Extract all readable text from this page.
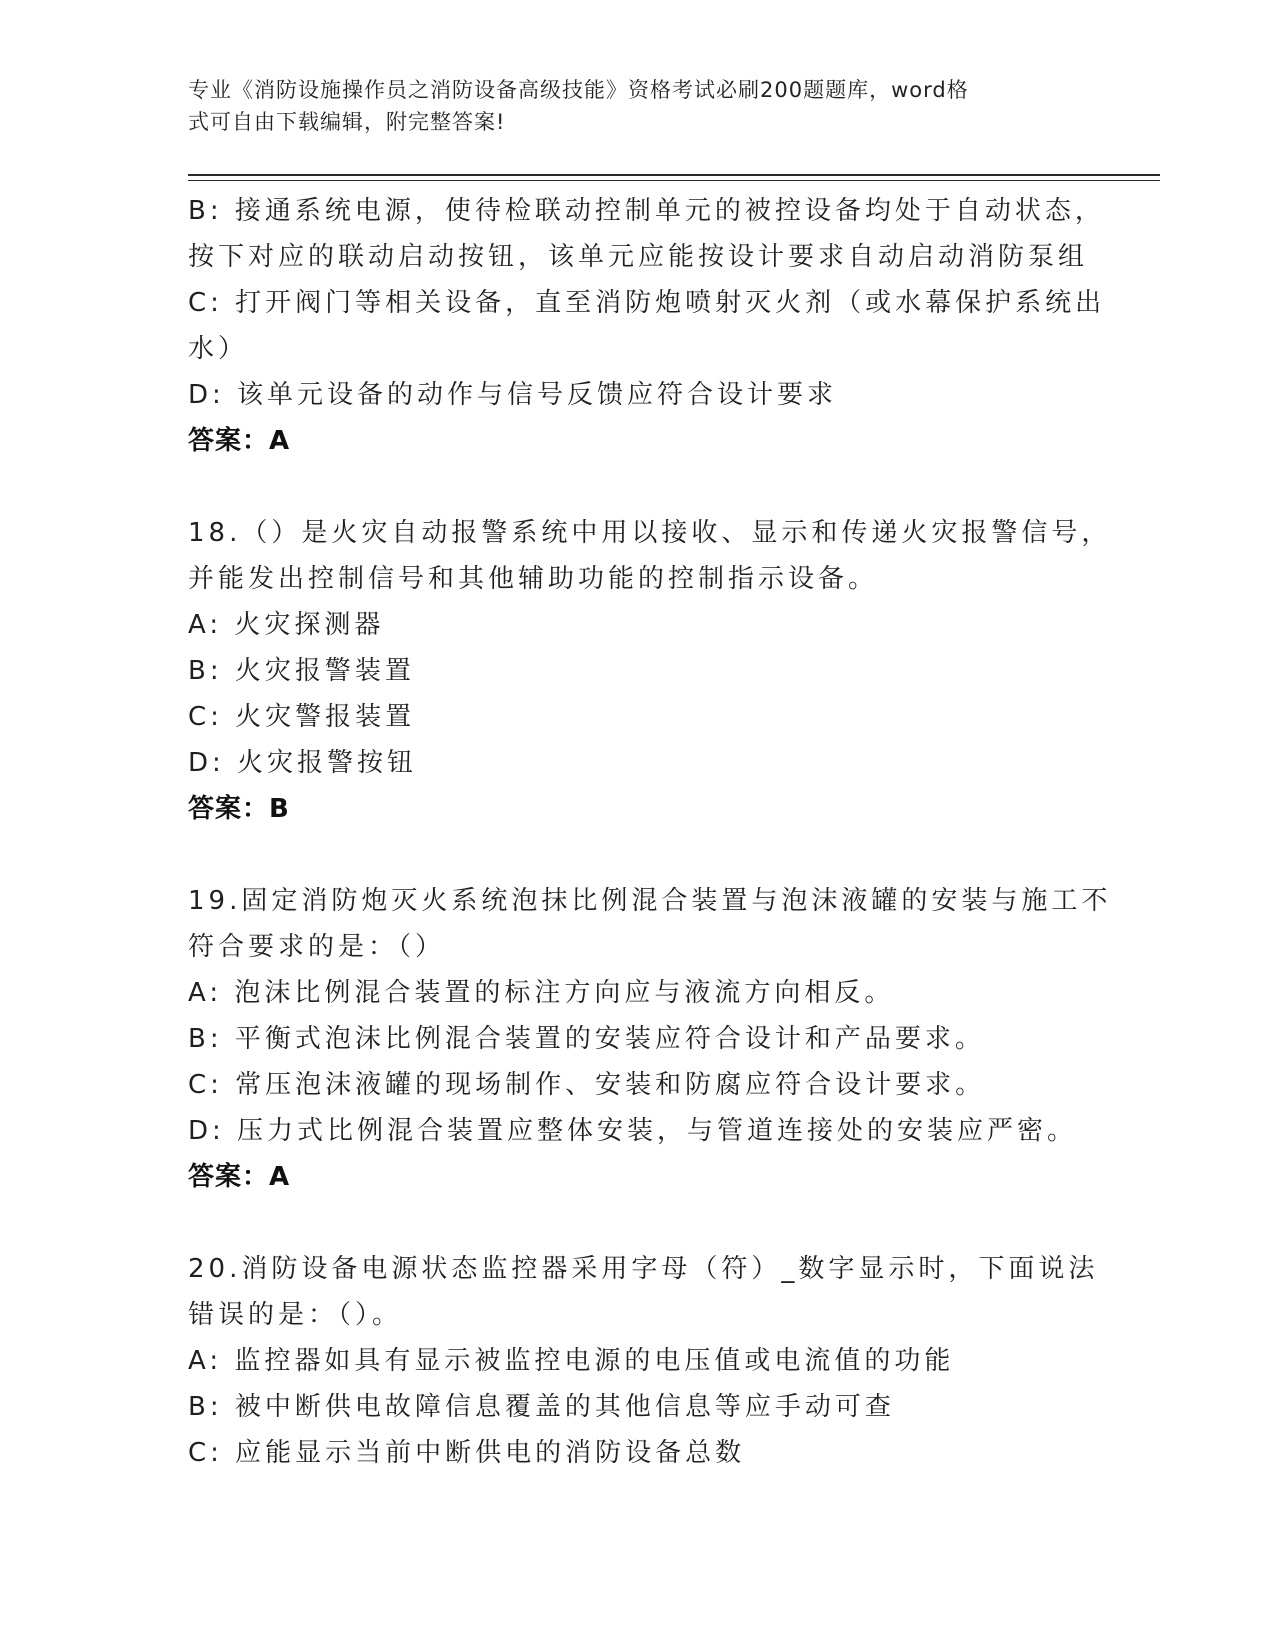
专业《消防设施操作员之消防设备高级技能》资格考试必刷200题题库，word格
式可自由下载编辑，附完整答案!
B: 接通系统电源，使待检联动控制单元的被控设备均处于自动状态，
按下对应的联动启动按钮，该单元应能按设计要求自动启动消防泵组
C: 打开阀门等相关设备，直至消防炮喷射灭火剂（或水幕保护系统出
水）
D: 该单元设备的动作与信号反馈应符合设计要求
答案：A
18.（）是火灾自动报警系统中用以接收、显示和传递火灾报警信号，
并能发出控制信号和其他辅助功能的控制指示设备。
A: 火灾探测器
B: 火灾报警装置
C: 火灾警报装置
D: 火灾报警按钮
答案：B
19.固定消防炮灭火系统泡抹比例混合装置与泡沫液罐的安装与施工不
符合要求的是：（）
A: 泡沫比例混合装置的标注方向应与液流方向相反。
B: 平衡式泡沫比例混合装置的安装应符合设计和产品要求。
C: 常压泡沫液罐的现场制作、安装和防腐应符合设计要求。
D: 压力式比例混合装置应整体安装，与管道连接处的安装应严密。
答案：A
20.消防设备电源状态监控器采用字母（符）_数字显示时，下面说法
错误的是：（）。
A: 监控器如具有显示被监控电源的电压值或电流值的功能
B: 被中断供电故障信息覆盖的其他信息等应手动可查
C: 应能显示当前中断供电的消防设备总数
